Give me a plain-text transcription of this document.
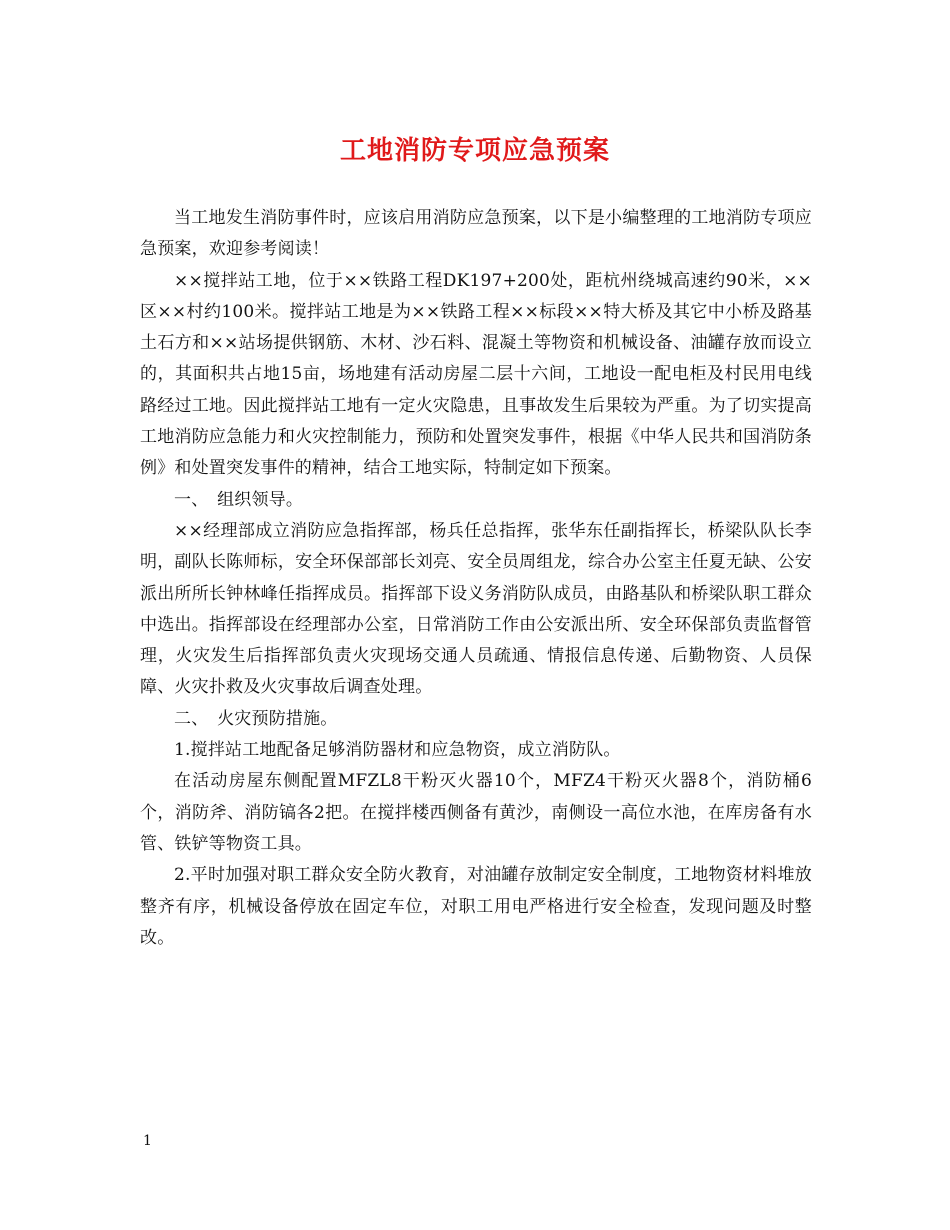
工地消防专项应急预案

当工地发生消防事件时，应该启用消防应急预案，以下是小编整理的工地消防专项应急预案，欢迎参考阅读！

××搅拌站工地，位于××铁路工程DK197+200处，距杭州绕城高速约90米，××区××村约100米。搅拌站工地是为××铁路工程××标段××特大桥及其它中小桥及路基土石方和××站场提供钢筋、木材、沙石料、混凝土等物资和机械设备、油罐存放而设立的，其面积共占地15亩，场地建有活动房屋二层十六间，工地设一配电柜及村民用电线路经过工地。因此搅拌站工地有一定火灾隐患，且事故发生后果较为严重。为了切实提高工地消防应急能力和火灾控制能力，预防和处置突发事件，根据《中华人民共和国消防条例》和处置突发事件的精神，结合工地实际，特制定如下预案。

一、　组织领导。

××经理部成立消防应急指挥部，杨兵任总指挥，张华东任副指挥长，桥梁队队长李明，副队长陈师标，安全环保部部长刘亮、安全员周组龙，综合办公室主任夏无缺、公安派出所所长钟林峰任指挥成员。指挥部下设义务消防队成员，由路基队和桥梁队职工群众中选出。指挥部设在经理部办公室，日常消防工作由公安派出所、安全环保部负责监督管理，火灾发生后指挥部负责火灾现场交通人员疏通、情报信息传递、后勤物资、人员保障、火灾扑救及火灾事故后调查处理。

二、　火灾预防措施。

1.搅拌站工地配备足够消防器材和应急物资，成立消防队。

在活动房屋东侧配置MFZL8干粉灭火器10个，MFZ4干粉灭火器8个，消防桶6个，消防斧、消防镐各2把。在搅拌楼西侧备有黄沙，南侧设一高位水池，在库房备有水管、铁铲等物资工具。

2.平时加强对职工群众安全防火教育，对油罐存放制定安全制度，工地物资材料堆放整齐有序，机械设备停放在固定车位，对职工用电严格进行安全检查，发现问题及时整改。

1
